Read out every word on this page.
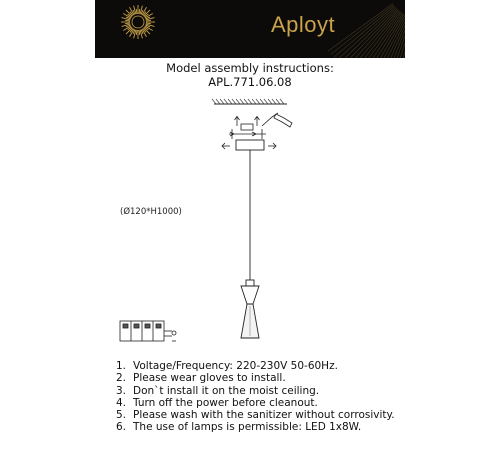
Aployt
Model assembly instructions:
APL.771.06.08
(Ø120*H1000)
1. Voltage/Frequency: 220-230V 50-60Hz.
2. Please wear gloves to install.
3. Don`t install it on the moist ceiling.
4. Turn off the power before cleanout.
5. Please wash with the sanitizer without corrosivity.
6. The use of lamps is permissible: LED 1x8W.
